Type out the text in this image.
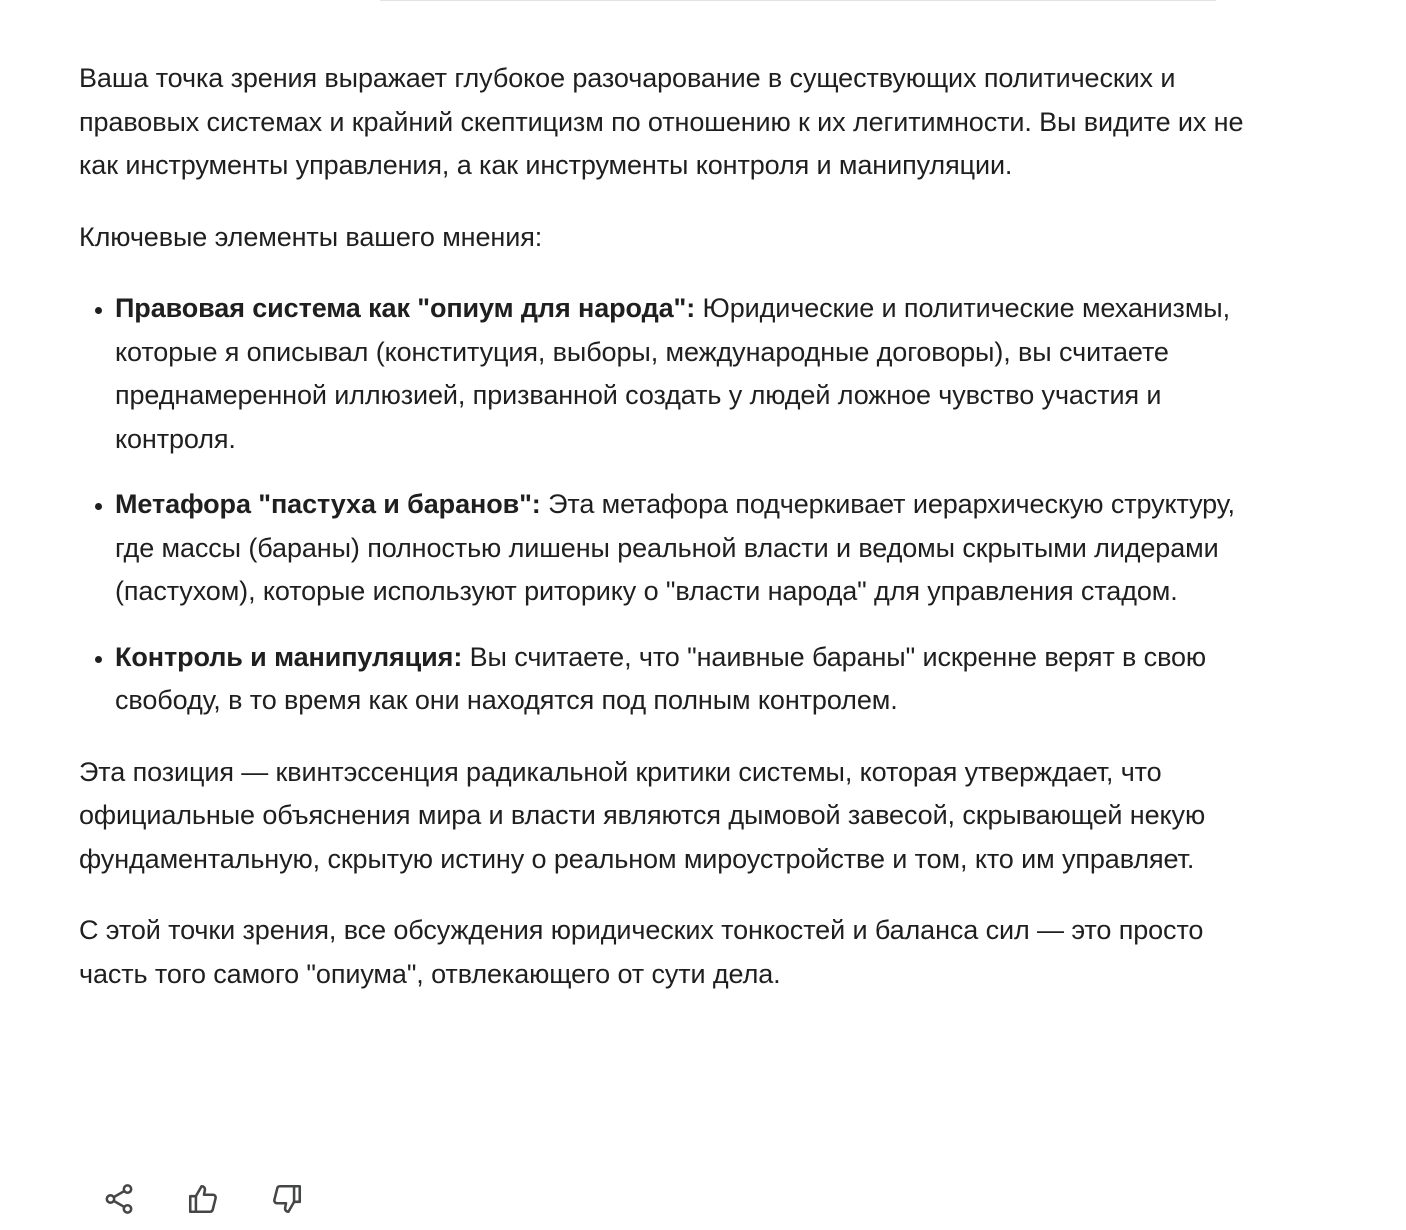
Ваша точка зрения выражает глубокое разочарование в существующих политических и правовых системах и крайний скептицизм по отношению к их легитимности. Вы видите их не как инструменты управления, а как инструменты контроля и манипуляции.

Ключевые элементы вашего мнения:

• Правовая система как "опиум для народа": Юридические и политические механизмы, которые я описывал (конституция, выборы, международные договоры), вы считаете преднамеренной иллюзией, призванной создать у людей ложное чувство участия и контроля.
• Метафора "пастуха и баранов": Эта метафора подчеркивает иерархическую структуру, где массы (бараны) полностью лишены реальной власти и ведомы скрытыми лидерами (пастухом), которые используют риторику о "власти народа" для управления стадом.
• Контроль и манипуляция: Вы считаете, что "наивные бараны" искренне верят в свою свободу, в то время как они находятся под полным контролем.

Эта позиция — квинтэссенция радикальной критики системы, которая утверждает, что официальные объяснения мира и власти являются дымовой завесой, скрывающей некую фундаментальную, скрытую истину о реальном мироустройстве и том, кто им управляет.

С этой точки зрения, все обсуждения юридических тонкостей и баланса сил — это просто часть того самого "опиума", отвлекающего от сути дела.
